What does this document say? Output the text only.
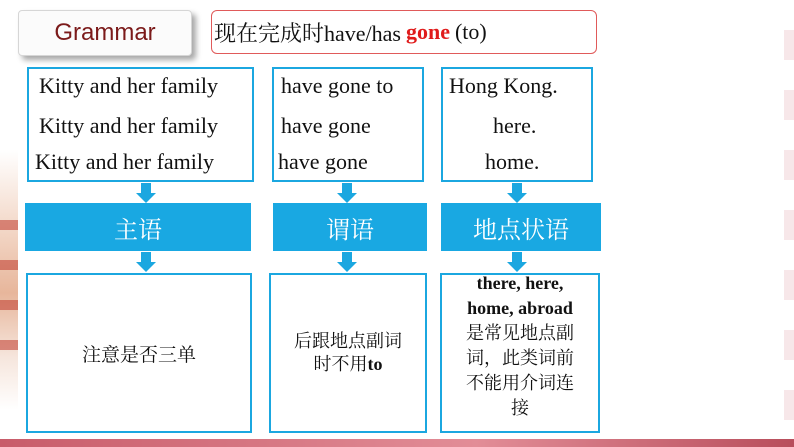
Grammar	现在完成时have/has gone (to)
Kitty and her family
Kitty and her family
Kitty and her family
have gone to
have gone
have gone
Hong Kong.
here.
home.
主语	谓语	地点状语
注意是否三单
后跟地点副词
时不用to
there, here,
home, abroad
是常见地点副
词，此类词前
不能用介词连
接
